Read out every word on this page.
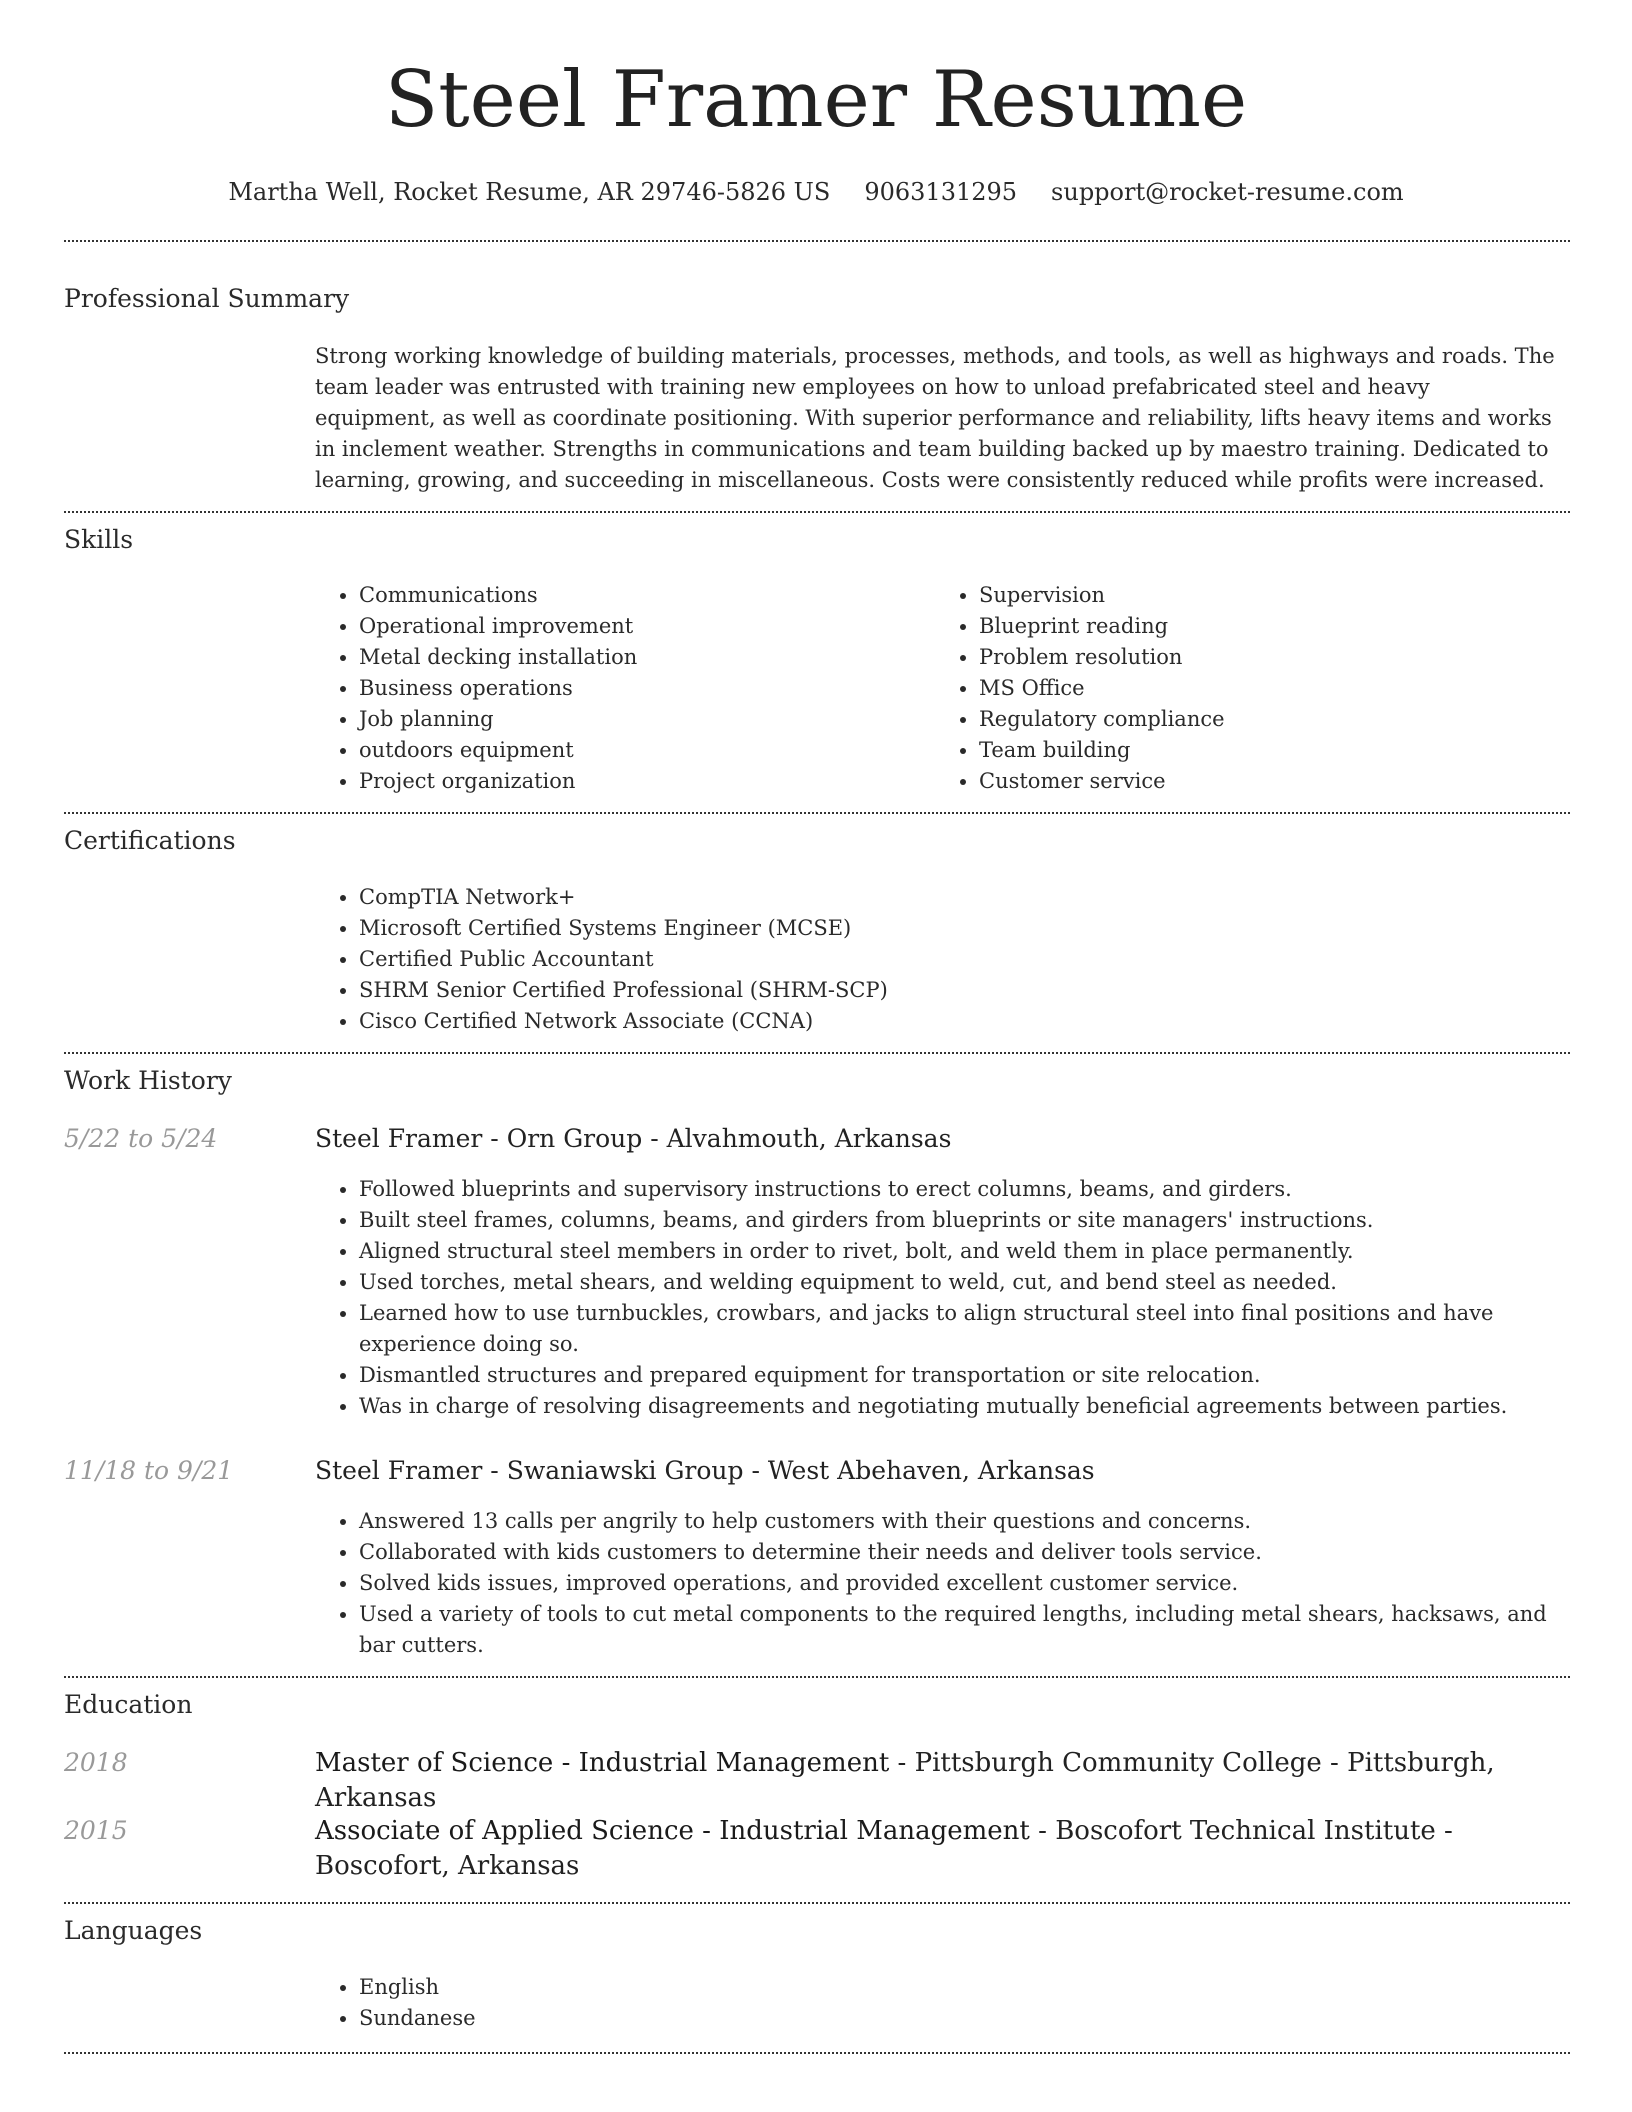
Steel Framer Resume
Martha Well, Rocket Resume, AR 29746-5826 US 9063131295 support@rocket-resume.com
Professional Summary
Strong working knowledge of building materials, processes, methods, and tools, as well as highways and roads. The team leader was entrusted with training new employees on how to unload prefabricated steel and heavy equipment, as well as coordinate positioning. With superior performance and reliability, lifts heavy items and works in inclement weather. Strengths in communications and team building backed up by maestro training. Dedicated to learning, growing, and succeeding in miscellaneous. Costs were consistently reduced while profits were increased.
Skills
• Communications
• Operational improvement
• Metal decking installation
• Business operations
• Job planning
• outdoors equipment
• Project organization
• Supervision
• Blueprint reading
• Problem resolution
• MS Office
• Regulatory compliance
• Team building
• Customer service
Certifications
• CompTIA Network+
• Microsoft Certified Systems Engineer (MCSE)
• Certified Public Accountant
• SHRM Senior Certified Professional (SHRM-SCP)
• Cisco Certified Network Associate (CCNA)
Work History
5/22 to 5/24	Steel Framer - Orn Group - Alvahmouth, Arkansas
• Followed blueprints and supervisory instructions to erect columns, beams, and girders.
• Built steel frames, columns, beams, and girders from blueprints or site managers' instructions.
• Aligned structural steel members in order to rivet, bolt, and weld them in place permanently.
• Used torches, metal shears, and welding equipment to weld, cut, and bend steel as needed.
• Learned how to use turnbuckles, crowbars, and jacks to align structural steel into final positions and have experience doing so.
• Dismantled structures and prepared equipment for transportation or site relocation.
• Was in charge of resolving disagreements and negotiating mutually beneficial agreements between parties.
11/18 to 9/21	Steel Framer - Swaniawski Group - West Abehaven, Arkansas
• Answered 13 calls per angrily to help customers with their questions and concerns.
• Collaborated with kids customers to determine their needs and deliver tools service.
• Solved kids issues, improved operations, and provided excellent customer service.
• Used a variety of tools to cut metal components to the required lengths, including metal shears, hacksaws, and bar cutters.
Education
2018	Master of Science - Industrial Management - Pittsburgh Community College - Pittsburgh, Arkansas
2015	Associate of Applied Science - Industrial Management - Boscofort Technical Institute - Boscofort, Arkansas
Languages
• English
• Sundanese
